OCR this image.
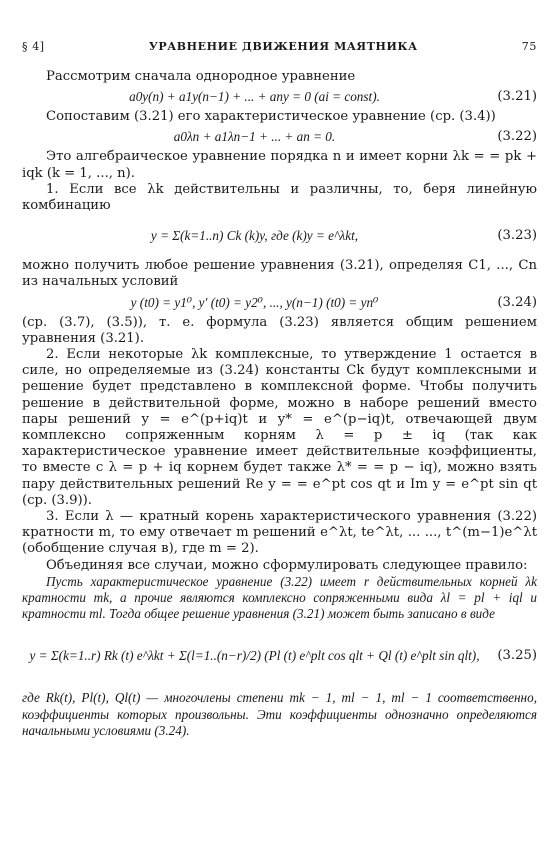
§ 4]	УРАВНЕНИЕ ДВИЖЕНИЯ МАЯТНИКА	75

Рассмотрим сначала однородное уравнение

a0y(n) + a1y(n−1) + ... + any = 0 (ai = const).	(3.21)

Сопоставим (3.21) его характеристическое уравнение (ср. (3.4))

a0λn + a1λn−1 + ... + an = 0.	(3.22)

Это алгебраическое уравнение порядка n и имеет корни λk = = pk + iqk (k = 1, ..., n).

1. Если все λk действительны и различны, то, беря линейную комбинацию

y = Σ(k=1..n) Ck (k)y, где (k)y = e^λkt,	(3.23)

можно получить любое решение уравнения (3.21), определяя C1, ..., Cn из начальных условий

y (t0) = y1⁰, y′ (t0) = y2⁰, ..., y(n−1) (t0) = yn⁰	(3.24)

(ср. (3.7), (3.5)), т. е. формула (3.23) является общим решением уравнения (3.21).

2. Если некоторые λk комплексные, то утверждение 1 остается в силе, но определяемые из (3.24) константы Ck будут комплексными и решение будет представлено в комплексной форме. Чтобы получить решение в действительной форме, можно в наборе решений вместо пары решений y = e^(p+iq)t и y* = e^(p−iq)t, отвечающей двум комплексно сопряженным корням λ = p ± iq (так как характеристическое уравнение имеет действительные коэффициенты, то вместе с λ = p + iq корнем будет также λ* = = p − iq), можно взять пару действительных решений Re y = = e^pt cos qt и Im y = e^pt sin qt (ср. (3.9)).

3. Если λ — кратный корень характеристического уравнения (3.22) кратности m, то ему отвечает m решений e^λt, te^λt, ... ..., t^(m−1)e^λt (обобщение случая в), где m = 2).

Объединяя все случаи, можно сформулировать следующее правило:

Пусть характеристическое уравнение (3.22) имеет r действительных корней λk кратности mk, а прочие являются комплексно сопряженными вида λl = pl + iql и кратности ml. Тогда общее решение уравнения (3.21) может быть записано в виде

y = Σ(k=1..r) Rk (t) e^λkt + Σ(l=1..(n−r)/2) (Pl (t) e^plt cos qlt + Ql (t) e^plt sin qlt),	(3.25)

где Rk(t), Pl(t), Ql(t) — многочлены степени mk − 1, ml − 1, ml − 1 соответственно, коэффициенты которых произвольны. Эти коэффициенты однозначно определяются начальными условиями (3.24).
